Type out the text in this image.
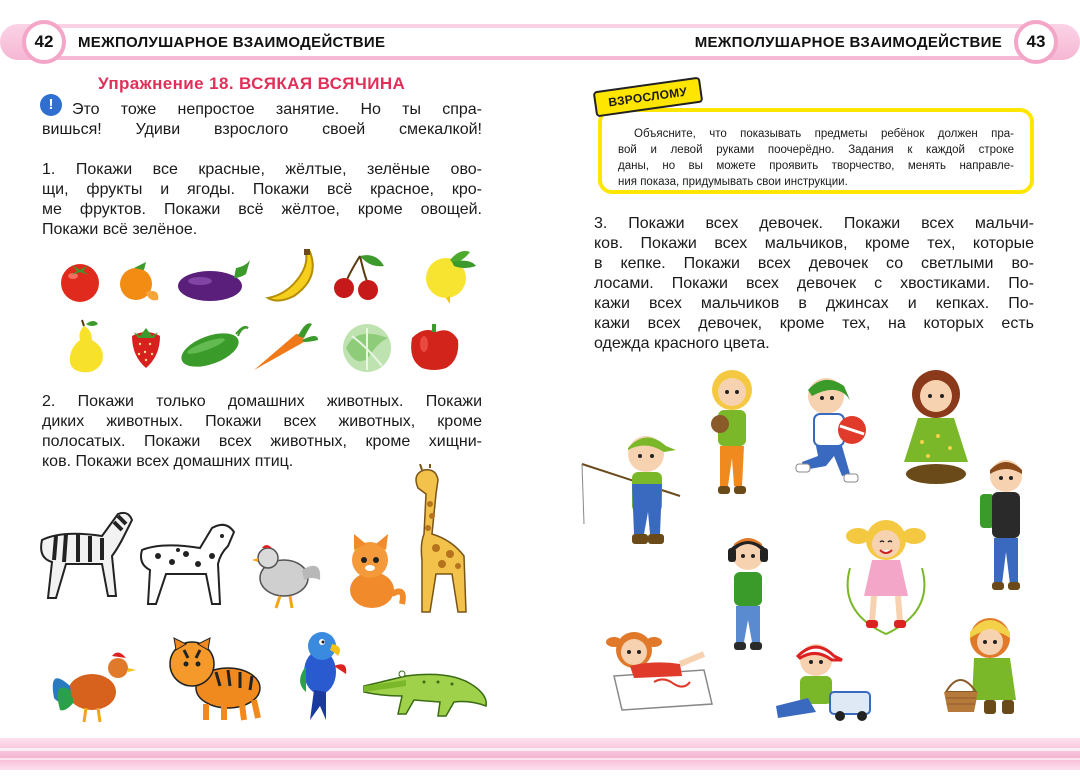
42	МЕЖПОЛУШАРНОЕ ВЗАИМОДЕЙСТВИЕ
Упражнение 18. ВСЯКАЯ ВСЯЧИНА
!	Это тоже непростое занятие. Но ты спра-
вишься! Удиви взрослого своей смекалкой!
1. Покажи все красные, жёлтые, зелёные ово-
щи, фрукты и ягоды. Покажи всё красное, кро-
ме фруктов. Покажи всё жёлтое, кроме овощей.
Покажи всё зелёное.
2. Покажи только домашних животных. Покажи
диких животных. Покажи всех животных, кроме
полосатых. Покажи всех животных, кроме хищни-
ков. Покажи всех домашних птиц.
43
МЕЖПОЛУШАРНОЕ ВЗАИМОДЕЙСТВИЕ
ВЗРОСЛОМУ
Объясните, что показывать предметы ребёнок должен пра-
вой и левой руками поочерёдно. Задания к каждой строке
даны, но вы можете проявить творчество, менять направле-
ния показа, придумывать свои инструкции.
3. Покажи всех девочек. Покажи всех мальчи-
ков. Покажи всех мальчиков, кроме тех, которые
в кепке. Покажи всех девочек со светлыми во-
лосами. Покажи всех девочек с хвостиками. По-
кажи всех мальчиков в джинсах и кепках. По-
кажи всех девочек, кроме тех, на которых есть
одежда красного цвета.
